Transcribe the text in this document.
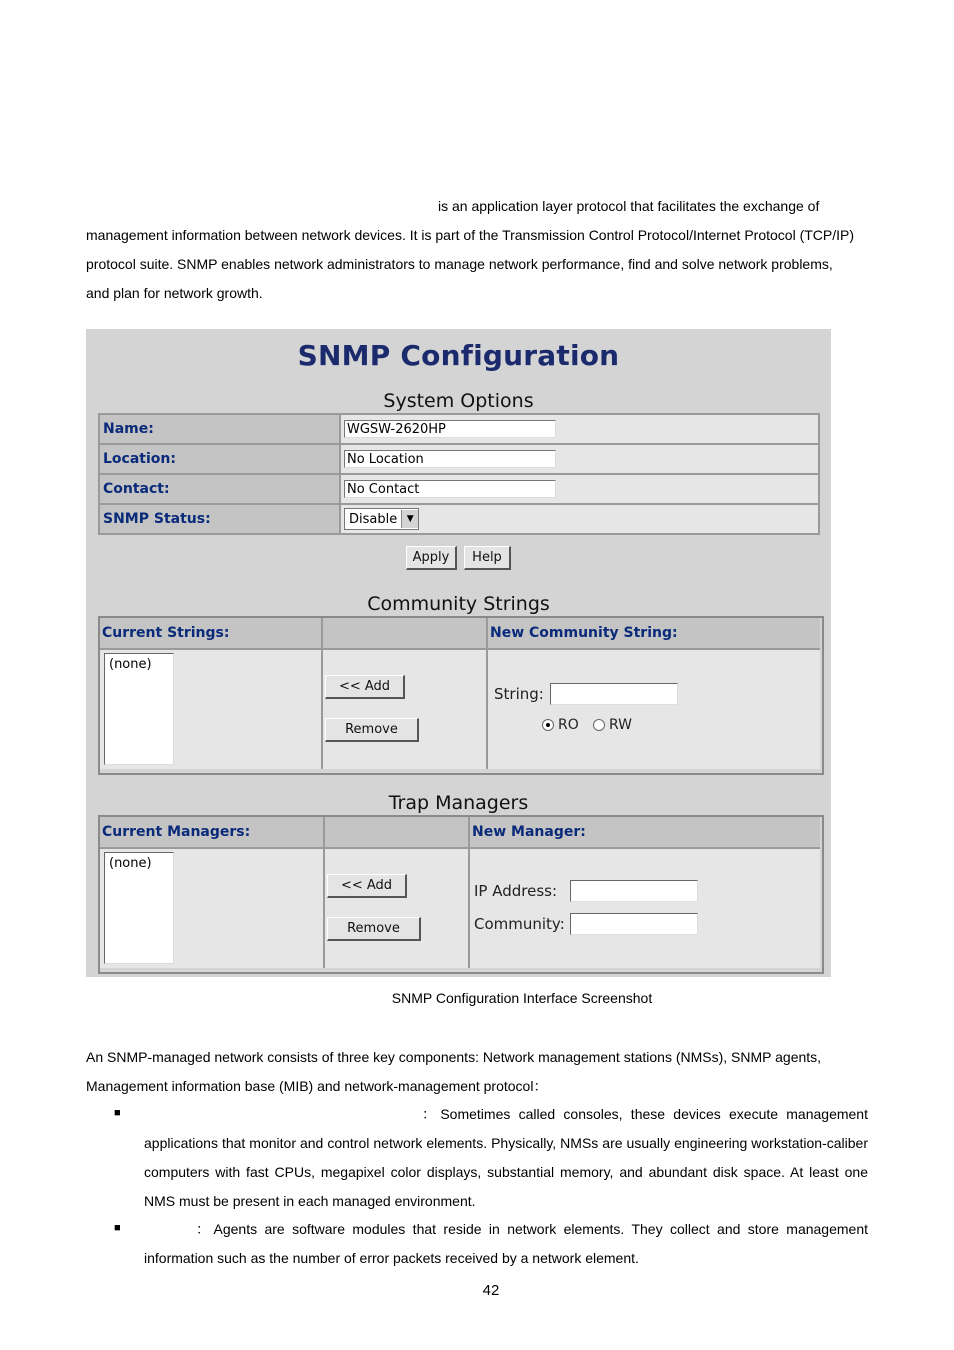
is an application layer protocol that facilitates the exchange of

management information between network devices. It is part of the Transmission Control Protocol/Internet Protocol (TCP/IP)

protocol suite. SNMP enables network administrators to manage network performance, find and solve network problems,

and plan for network growth.

SNMP Configuration
System Options
Name:	WGSW-2620HP
Location:	No Location
Contact:	No Contact
SNMP Status:	Disable ▼
Apply	Help
Community Strings
Current Strings:	New Community String:
(none)
<< Add
Remove
String:
RO RW
Trap Managers
Current Managers:	New Manager:
(none)
<< Add
Remove
IP Address:
Community:
SNMP Configuration Interface Screenshot

An SNMP-managed network consists of three key components: Network management stations (NMSs), SNMP agents,

Management information base (MIB) and network-management protocol：

■	：Sometimes called consoles, these devices execute management applications that monitor and control network elements. Physically, NMSs are usually engineering workstation-caliber computers with fast CPUs, megapixel color displays, substantial memory, and abundant disk space. At least one NMS must be present in each managed environment.

■	：Agents are software modules that reside in network elements. They collect and store management information such as the number of error packets received by a network element.

42
